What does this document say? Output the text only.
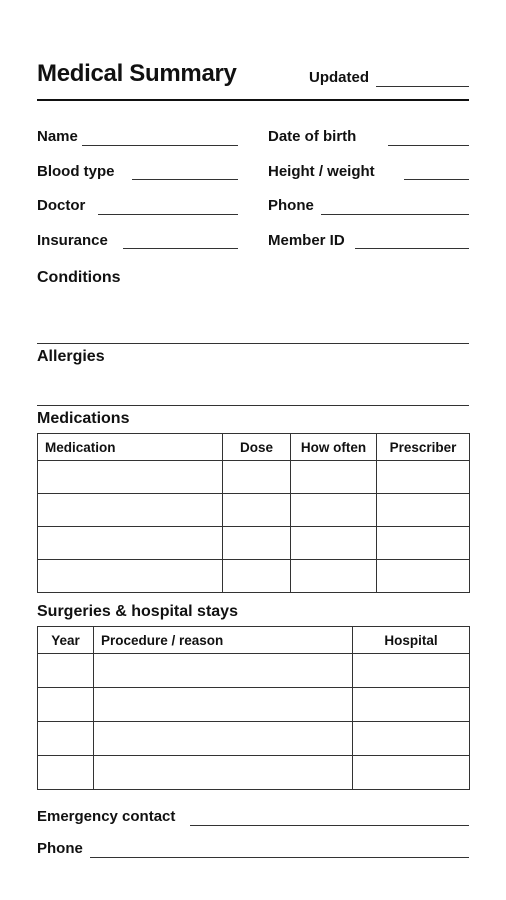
Medical Summary	Updated
Name	Date of birth
Blood type	Height / weight
Doctor	Phone
Insurance	Member ID
Conditions
Allergies
Medications
Medication	Dose	How often	Prescriber

Surgeries & hospital stays
Year	Procedure / reason	Hospital

Emergency contact
Phone
